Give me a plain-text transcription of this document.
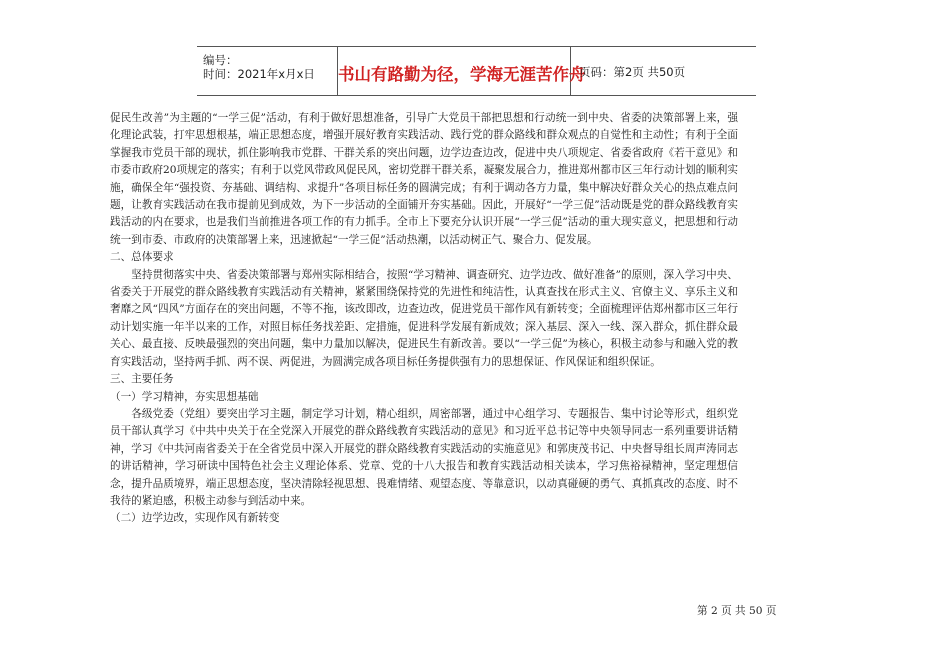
编号：
时间：2021年x月x日 书山有路勤为径，学海无涯苦作舟
页码：第2页 共50页

促民生改善”为主题的“一学三促”活动，有利于做好思想准备，引导广大党员干部把思想和行动统一到中央、省委的决策部署上来，强化理论武装，打牢思想根基，端正思想态度，增强开展好教育实践活动、践行党的群众路线和群众观点的自觉性和主动性；有利于全面掌握我市党员干部的现状，抓住影响我市党群、干群关系的突出问题，边学边查边改，促进中央八项规定、省委省政府《若干意见》和市委市政府20项规定的落实；有利于以党风带政风促民风，密切党群干群关系，凝聚发展合力，推进郑州都市区三年行动计划的顺利实施，确保全年“强投资、夯基础、调结构、求提升”各项目标任务的圆满完成；有利于调动各方力量，集中解决好群众关心的热点难点问题，让教育实践活动在我市提前见到成效，为下一步活动的全面铺开夯实基础。因此，开展好“一学三促”活动既是党的群众路线教育实践活动的内在要求，也是我们当前推进各项工作的有力抓手。全市上下要充分认识开展“一学三促”活动的重大现实意义，把思想和行动统一到市委、市政府的决策部署上来，迅速掀起“一学三促”活动热潮，以活动树正气、聚合力、促发展。

二、总体要求

坚持贯彻落实中央、省委决策部署与郑州实际相结合，按照“学习精神、调查研究、边学边改、做好准备”的原则，深入学习中央、省委关于开展党的群众路线教育实践活动有关精神，紧紧围绕保持党的先进性和纯洁性，认真查找在形式主义、官僚主义、享乐主义和奢靡之风“四风”方面存在的突出问题，不等不拖，该改即改，边查边改，促进党员干部作风有新转变；全面梳理评估郑州都市区三年行动计划实施一年半以来的工作，对照目标任务找差距、定措施，促进科学发展有新成效；深入基层、深入一线、深入群众，抓住群众最关心、最直接、反映最强烈的突出问题，集中力量加以解决，促进民生有新改善。要以“一学三促”为核心，积极主动参与和融入党的教育实践活动，坚持两手抓、两不误、两促进，为圆满完成各项目标任务提供强有力的思想保证、作风保证和组织保证。

三、主要任务

（一）学习精神，夯实思想基础

各级党委（党组）要突出学习主题，制定学习计划，精心组织，周密部署，通过中心组学习、专题报告、集中讨论等形式，组织党员干部认真学习《中共中央关于在全党深入开展党的群众路线教育实践活动的意见》和习近平总书记等中央领导同志一系列重要讲话精神，学习《中共河南省委关于在全省党员中深入开展党的群众路线教育实践活动的实施意见》和郭庚茂书记、中央督导组长周声涛同志的讲话精神，学习研读中国特色社会主义理论体系、党章、党的十八大报告和教育实践活动相关读本，学习焦裕禄精神，坚定理想信念，提升品质境界，端正思想态度，坚决清除轻视思想、畏难情绪、观望态度、等靠意识，以动真碰硬的勇气、真抓真改的态度、时不我待的紧迫感，积极主动参与到活动中来。

（二）边学边改，实现作风有新转变

第 2 页 共 50 页
